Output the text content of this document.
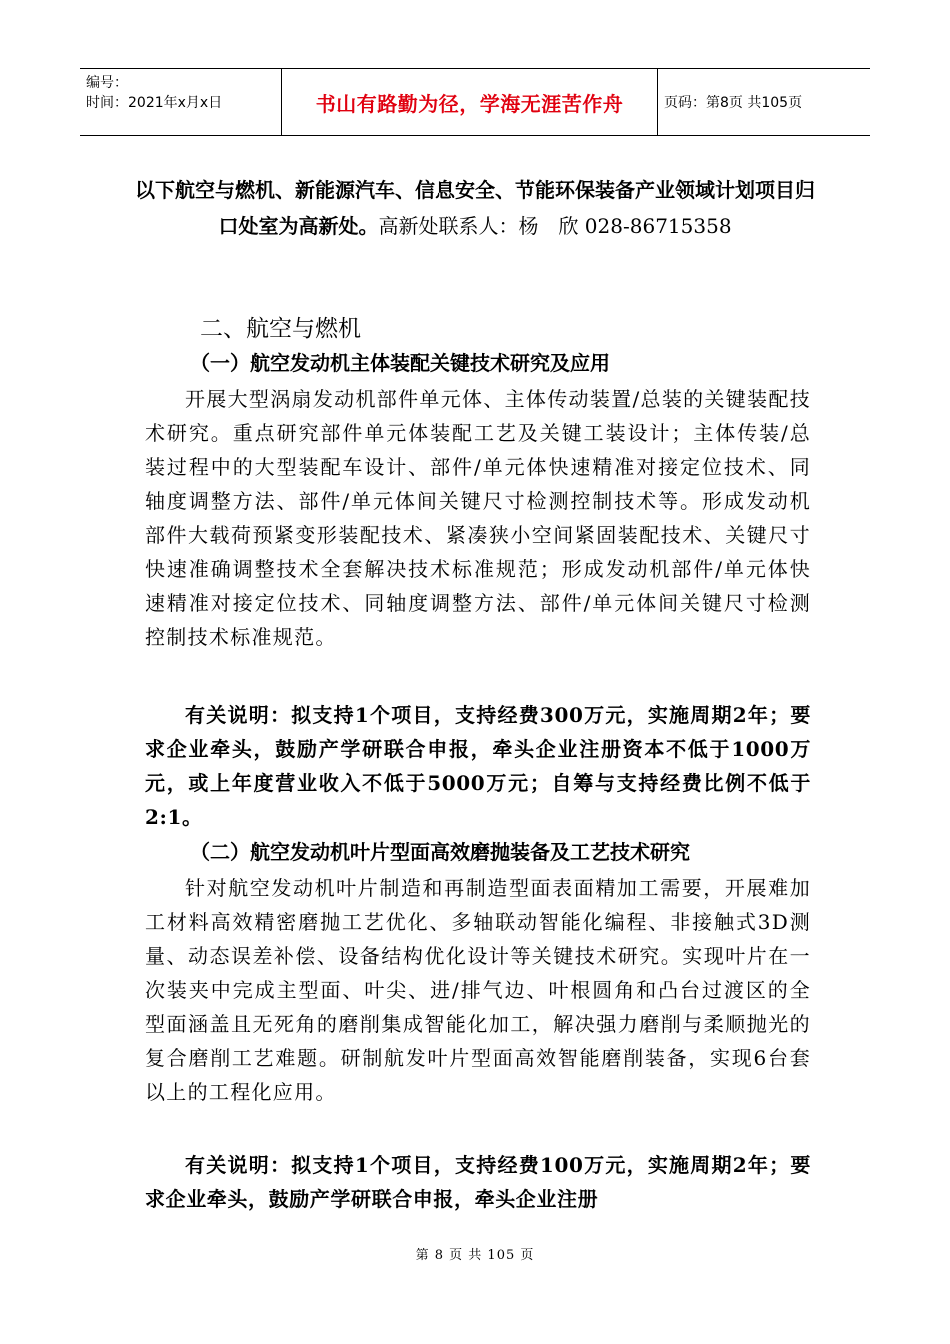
编号：
时间：2021年x月x日	书山有路勤为径，学海无涯苦作舟	页码：第8页 共105页
以下航空与燃机、新能源汽车、信息安全、节能环保装备产业领域计划项目归口处室为高新处。高新处联系人：杨　欣 028-86715358
二、航空与燃机
（一）航空发动机主体装配关键技术研究及应用
开展大型涡扇发动机部件单元体、主体传动装置/总装的关键装配技术研究。重点研究部件单元体装配工艺及关键工装设计；主体传装/总装过程中的大型装配车设计、部件/单元体快速精准对接定位技术、同轴度调整方法、部件/单元体间关键尺寸检测控制技术等。形成发动机部件大载荷预紧变形装配技术、紧凑狭小空间紧固装配技术、关键尺寸快速准确调整技术全套解决技术标准规范；形成发动机部件/单元体快速精准对接定位技术、同轴度调整方法、部件/单元体间关键尺寸检测控制技术标准规范。
有关说明：拟支持1个项目，支持经费300万元，实施周期2年；要求企业牵头，鼓励产学研联合申报，牵头企业注册资本不低于1000万元，或上年度营业收入不低于5000万元；自筹与支持经费比例不低于2:1。
（二）航空发动机叶片型面高效磨抛装备及工艺技术研究
针对航空发动机叶片制造和再制造型面表面精加工需要，开展难加工材料高效精密磨抛工艺优化、多轴联动智能化编程、非接触式3D测量、动态误差补偿、设备结构优化设计等关键技术研究。实现叶片在一次装夹中完成主型面、叶尖、进/排气边、叶根圆角和凸台过渡区的全型面涵盖且无死角的磨削集成智能化加工，解决强力磨削与柔顺抛光的复合磨削工艺难题。研制航发叶片型面高效智能磨削装备，实现6台套以上的工程化应用。
有关说明：拟支持1个项目，支持经费100万元，实施周期2年；要求企业牵头，鼓励产学研联合申报，牵头企业注册
第 8 页 共 105 页
